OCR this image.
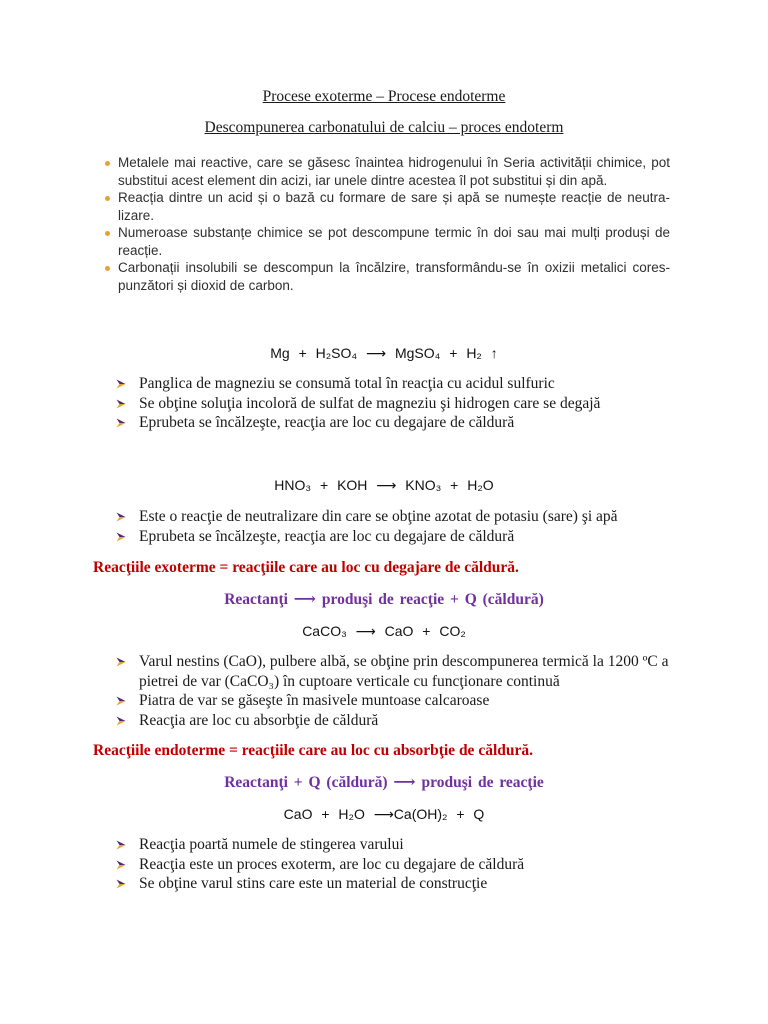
Procese exoterme – Procese endoterme
Descompunerea carbonatului de calciu – proces endoterm
Metalele mai reactive, care se găsesc înaintea hidrogenului în Seria activității chimice, pot
substitui acest element din acizi, iar unele dintre acestea îl pot substitui și din apă.
Reacția dintre un acid și o bază cu formare de sare și apă se numește reacție de neutra-
lizare.
Numeroase substanțe chimice se pot descompune termic în doi sau mai mulți produși de
reacție.
Carbonații insolubili se descompun la încălzire, transformându-se în oxizii metalici cores-
punzători și dioxid de carbon.
Mg + H₂SO₄ ⟶ MgSO₄ + H₂ ↑
Panglica de magneziu se consumă total în reacţia cu acidul sulfuric
Se obţine soluţia incoloră de sulfat de magneziu şi hidrogen care se degajă
Eprubeta se încălzeşte, reacţia are loc cu degajare de căldură
HNO₃ + KOH ⟶ KNO₃ + H₂O
Este o reacţie de neutralizare din care se obţine azotat de potasiu (sare) şi apă
Eprubeta se încălzeşte, reacţia are loc cu degajare de căldură
Reacţiile exoterme = reacţiile care au loc cu degajare de căldură.
Reactanţi ⟶ produşi de reacţie + Q (căldură)
CaCO₃ ⟶ CaO + CO₂
Varul nestins (CaO), pulbere albă, se obţine prin descompunerea termică la 1200 ºC a
pietrei de var (CaCO₃) în cuptoare verticale cu funcţionare continuă
Piatra de var se găseşte în masivele muntoase calcaroase
Reacţia are loc cu absorbţie de căldură
Reacţiile endoterme = reacţiile care au loc cu absorbţie de căldură.
Reactanţi + Q (căldură) ⟶ produşi de reacţie
CaO + H₂O ⟶Ca(OH)₂ + Q
Reacţia poartă numele de stingerea varului
Reacţia este un proces exoterm, are loc cu degajare de căldură
Se obţine varul stins care este un material de construcţie
